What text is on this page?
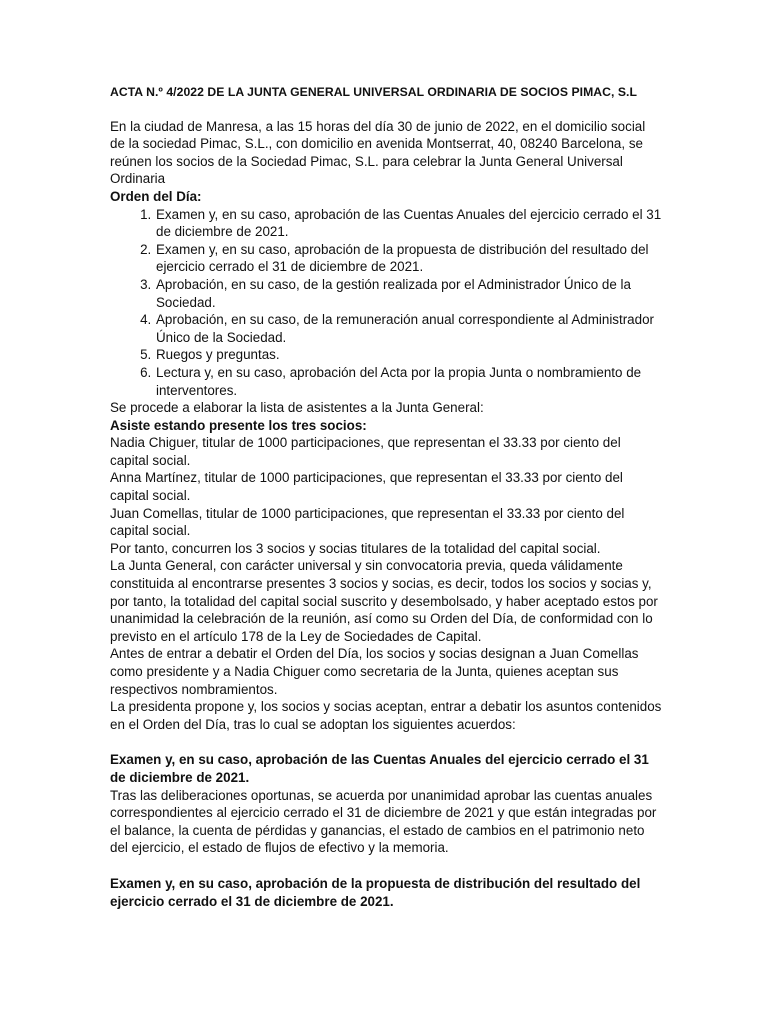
ACTA N.º 4/2022 DE LA JUNTA GENERAL UNIVERSAL ORDINARIA DE SOCIOS PIMAC, S.L

En la ciudad de Manresa, a las 15 horas del día 30 de junio de 2022, en el domicilio social de la sociedad Pimac, S.L., con domicilio en avenida Montserrat, 40, 08240 Barcelona, se reúnen los socios de la Sociedad Pimac, S.L. para celebrar la Junta General Universal Ordinaria

Orden del Día:

1. Examen y, en su caso, aprobación de las Cuentas Anuales del ejercicio cerrado el 31 de diciembre de 2021.
2. Examen y, en su caso, aprobación de la propuesta de distribución del resultado del ejercicio cerrado el 31 de diciembre de 2021.
3. Aprobación, en su caso, de la gestión realizada por el Administrador Único de la Sociedad.
4. Aprobación, en su caso, de la remuneración anual correspondiente al Administrador Único de la Sociedad.
5. Ruegos y preguntas.
6. Lectura y, en su caso, aprobación del Acta por la propia Junta o nombramiento de interventores.

Se procede a elaborar la lista de asistentes a la Junta General:

Asiste estando presente los tres socios:

Nadia Chiguer, titular de 1000 participaciones, que representan el 33.33 por ciento del capital social.

Anna Martínez, titular de 1000 participaciones, que representan el 33.33 por ciento del capital social.

Juan Comellas, titular de 1000 participaciones, que representan el 33.33 por ciento del capital social.

Por tanto, concurren los 3 socios y socias titulares de la totalidad del capital social.

La Junta General, con carácter universal y sin convocatoria previa, queda válidamente constituida al encontrarse presentes 3 socios y socias, es decir, todos los socios y socias y, por tanto, la totalidad del capital social suscrito y desembolsado, y haber aceptado estos por unanimidad la celebración de la reunión, así como su Orden del Día, de conformidad con lo previsto en el artículo 178 de la Ley de Sociedades de Capital.

Antes de entrar a debatir el Orden del Día, los socios y socias designan a Juan Comellas como presidente y a Nadia Chiguer como secretaria de la Junta, quienes aceptan sus respectivos nombramientos.

La presidenta propone y, los socios y socias aceptan, entrar a debatir los asuntos contenidos en el Orden del Día, tras lo cual se adoptan los siguientes acuerdos:

Examen y, en su caso, aprobación de las Cuentas Anuales del ejercicio cerrado el 31 de diciembre de 2021.

Tras las deliberaciones oportunas, se acuerda por unanimidad aprobar las cuentas anuales correspondientes al ejercicio cerrado el 31 de diciembre de 2021 y que están integradas por el balance, la cuenta de pérdidas y ganancias, el estado de cambios en el patrimonio neto del ejercicio, el estado de flujos de efectivo y la memoria.

Examen y, en su caso, aprobación de la propuesta de distribución del resultado del ejercicio cerrado el 31 de diciembre de 2021.
